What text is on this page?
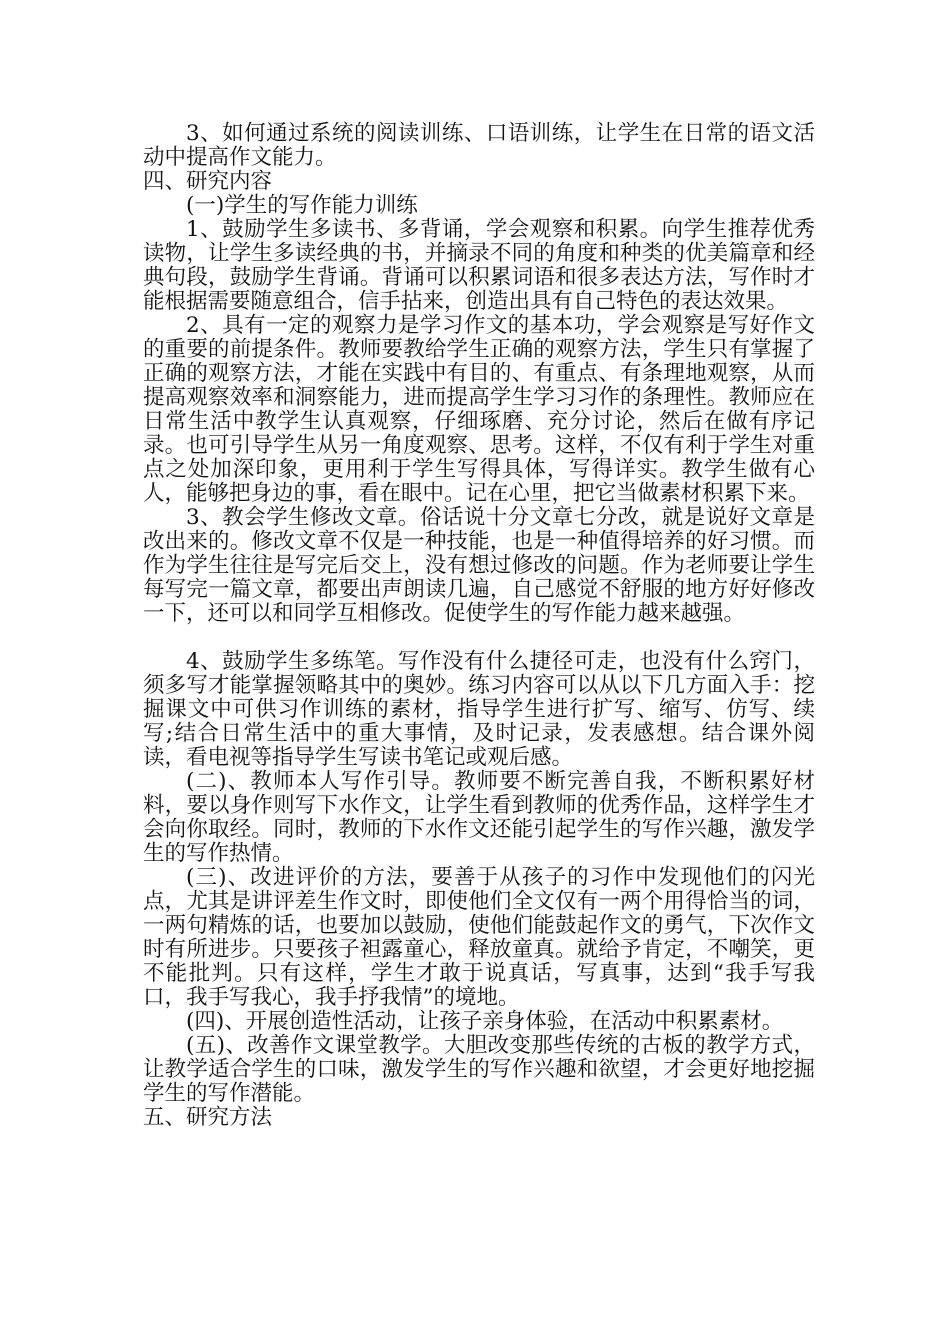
3、如何通过系统的阅读训练、口语训练，让学生在日常的语文活动中提高作文能力。

四、研究内容

(一)学生的写作能力训练

1、鼓励学生多读书、多背诵，学会观察和积累。向学生推荐优秀读物，让学生多读经典的书，并摘录不同的角度和种类的优美篇章和经典句段，鼓励学生背诵。背诵可以积累词语和很多表达方法，写作时才能根据需要随意组合，信手拈来，创造出具有自己特色的表达效果。

2、具有一定的观察力是学习作文的基本功，学会观察是写好作文的重要的前提条件。教师要教给学生正确的观察方法，学生只有掌握了正确的观察方法，才能在实践中有目的、有重点、有条理地观察，从而提高观察效率和洞察能力，进而提高学生学习习作的条理性。教师应在日常生活中教学生认真观察，仔细琢磨、充分讨论，然后在做有序记录。也可引导学生从另一角度观察、思考。这样，不仅有利于学生对重点之处加深印象，更用利于学生写得具体，写得详实。教学生做有心人，能够把身边的事，看在眼中。记在心里，把它当做素材积累下来。

3、教会学生修改文章。俗话说十分文章七分改，就是说好文章是改出来的。修改文章不仅是一种技能，也是一种值得培养的好习惯。而作为学生往往是写完后交上，没有想过修改的问题。作为老师要让学生每写完一篇文章，都要出声朗读几遍，自己感觉不舒服的地方好好修改一下，还可以和同学互相修改。促使学生的写作能力越来越强。

4、鼓励学生多练笔。写作没有什么捷径可走，也没有什么窍门，须多写才能掌握领略其中的奥妙。练习内容可以从以下几方面入手：挖掘课文中可供习作训练的素材，指导学生进行扩写、缩写、仿写、续写;结合日常生活中的重大事情，及时记录，发表感想。结合课外阅读，看电视等指导学生写读书笔记或观后感。

(二)、教师本人写作引导。教师要不断完善自我，不断积累好材料，要以身作则写下水作文，让学生看到教师的优秀作品，这样学生才会向你取经。同时，教师的下水作文还能引起学生的写作兴趣，激发学生的写作热情。

(三)、改进评价的方法，要善于从孩子的习作中发现他们的闪光点，尤其是讲评差生作文时，即使他们全文仅有一两个用得恰当的词，一两句精炼的话，也要加以鼓励，使他们能鼓起作文的勇气，下次作文时有所进步。只要孩子袒露童心，释放童真。就给予肯定，不嘲笑，更不能批判。只有这样，学生才敢于说真话，写真事，达到“我手写我口，我手写我心，我手抒我情”的境地。

(四)、开展创造性活动，让孩子亲身体验，在活动中积累素材。

(五)、改善作文课堂教学。大胆改变那些传统的古板的教学方式，让教学适合学生的口味，激发学生的写作兴趣和欲望，才会更好地挖掘学生的写作潜能。

五、研究方法
